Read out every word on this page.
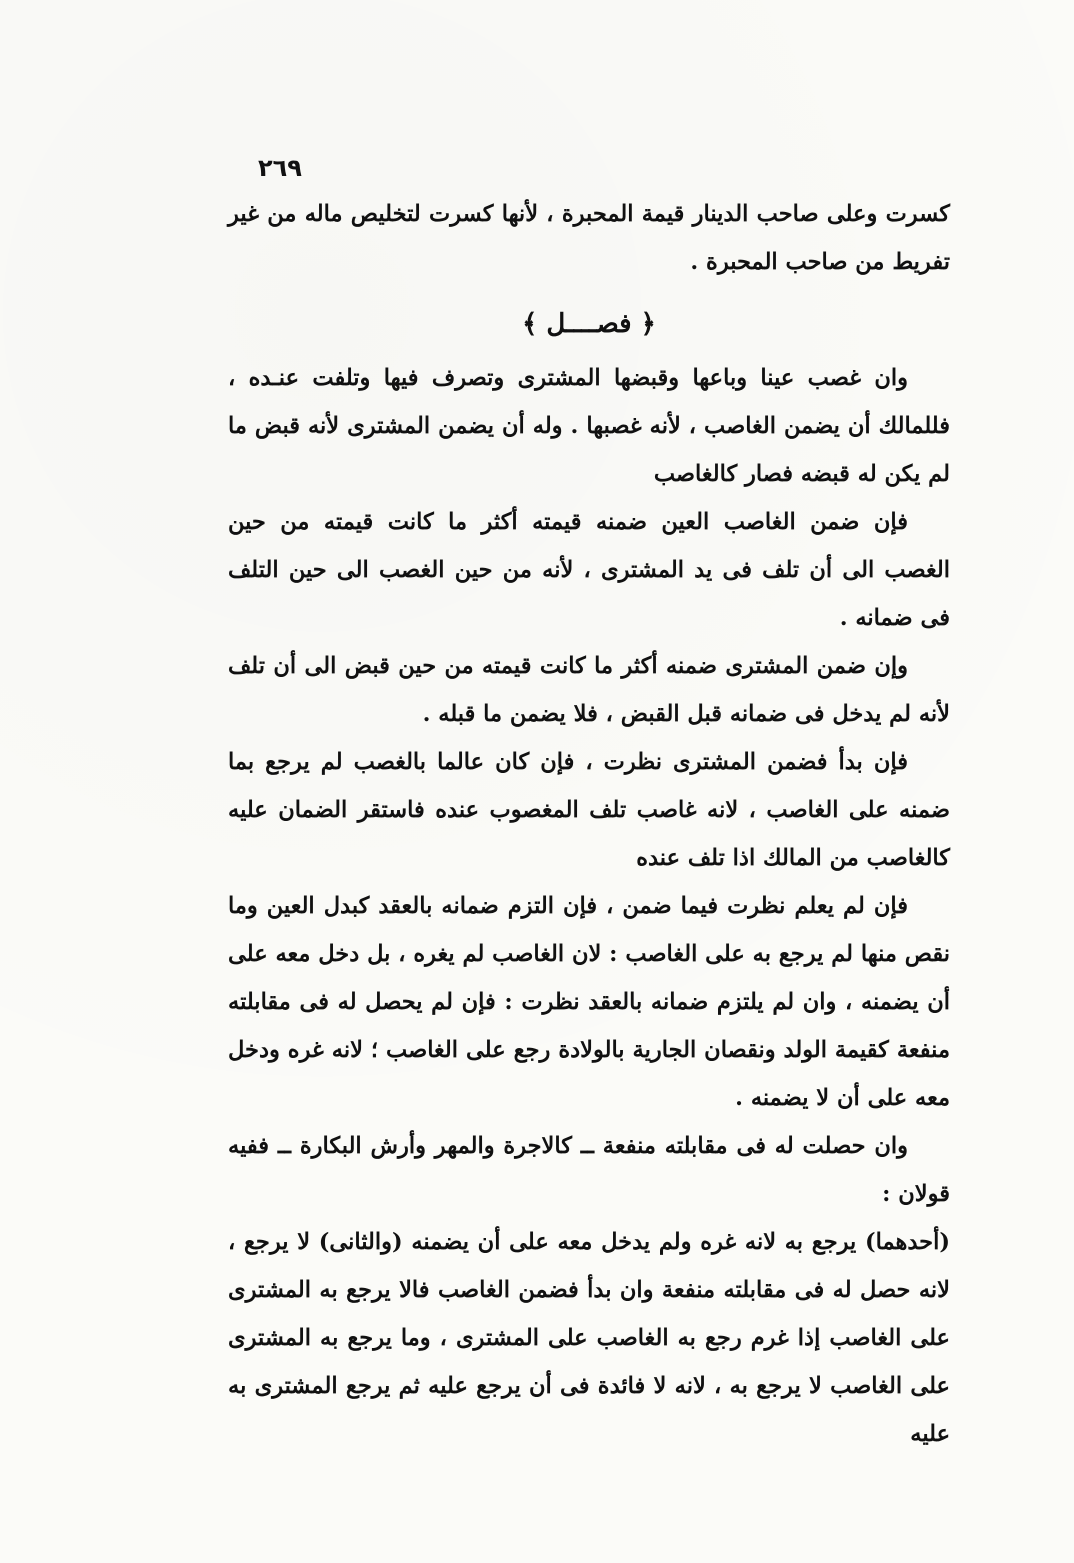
٢٦٩

كسرت وعلى صاحب الدينار قيمة المحبرة ، لأنها كسرت لتخليص ماله من غير تفريط من صاحب المحبرة .

﴿ فصــــل ﴾

وان غصب عينا وباعها وقبضها المشترى وتصرف فيها وتلفت عنـده ، فللمالك أن يضمن الغاصب ، لأنه غصبها . وله أن يضمن المشترى لأنه قبض ما لم يكن له قبضه فصار كالغاصب

فإن ضمن الغاصب العين ضمنه قيمته أكثر ما كانت قيمته من حين الغصب الى أن تلف فى يد المشترى ، لأنه من حين الغصب الى حين التلف فى ضمانه .

وإن ضمن المشترى ضمنه أكثر ما كانت قيمته من حين قبض الى أن تلف لأنه لم يدخل فى ضمانه قبل القبض ، فلا يضمن ما قبله .

فإن بدأ فضمن المشترى نظرت ، فإن كان عالما بالغصب لم يرجع بما ضمنه على الغاصب ، لانه غاصب تلف المغصوب عنده فاستقر الضمان عليه كالغاصب من المالك اذا تلف عنده

فإن لم يعلم نظرت فيما ضمن ، فإن التزم ضمانه بالعقد كبدل العين وما نقص منها لم يرجع به على الغاصب : لان الغاصب لم يغره ، بل دخل معه على أن يضمنه ، وان لم يلتزم ضمانه بالعقد نظرت : فإن لم يحصل له فى مقابلته منفعة كقيمة الولد ونقصان الجارية بالولادة رجع على الغاصب ؛ لانه غره ودخل معه على أن لا يضمنه .

وان حصلت له فى مقابلته منفعة ــ كالاجرة والمهر وأرش البكارة ــ ففيه قولان :

(أحدهما) يرجع به لانه غره ولم يدخل معه على أن يضمنه (والثانى) لا يرجع ، لانه حصل له فى مقابلته منفعة وان بدأ فضمن الغاصب فالا يرجع به المشترى على الغاصب إذا غرم رجع به الغاصب على المشترى ، وما يرجع به المشترى على الغاصب لا يرجع به ، لانه لا فائدة فى أن يرجع عليه ثم يرجع المشترى به عليه
